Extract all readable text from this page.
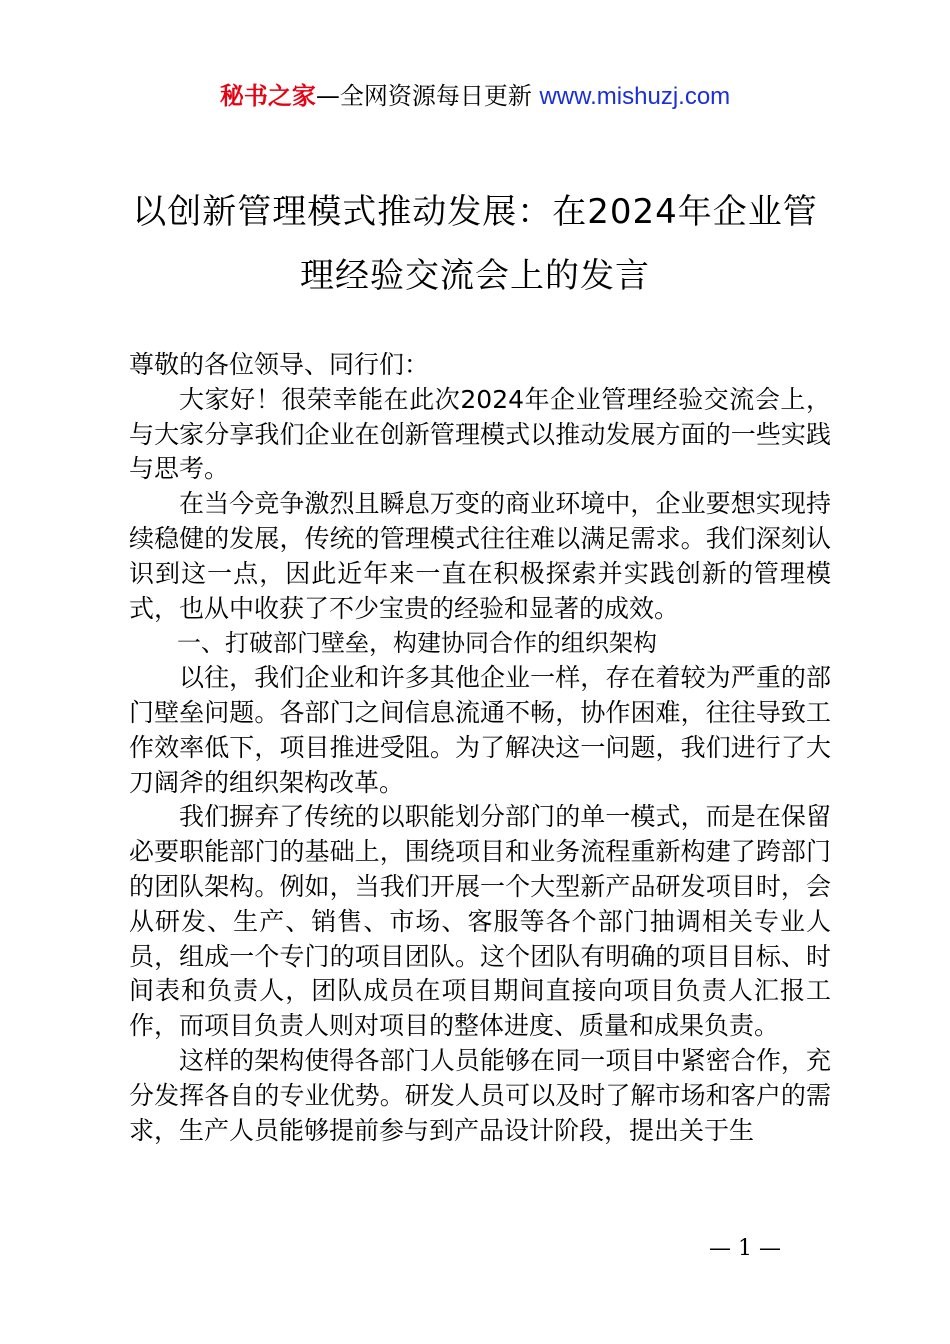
秘书之家—全网资源每日更新 www.mishuzj.com
以创新管理模式推动发展：在2024年企业管
理经验交流会上的发言

尊敬的各位领导、同行们：

大家好！很荣幸能在此次2024年企业管理经验交流会上，与大家分享我们企业在创新管理模式以推动发展方面的一些实践与思考。

在当今竞争激烈且瞬息万变的商业环境中，企业要想实现持续稳健的发展，传统的管理模式往往难以满足需求。我们深刻认识到这一点，因此近年来一直在积极探索并实践创新的管理模式，也从中收获了不少宝贵的经验和显著的成效。

一、打破部门壁垒，构建协同合作的组织架构

以往，我们企业和许多其他企业一样，存在着较为严重的部门壁垒问题。各部门之间信息流通不畅，协作困难，往往导致工作效率低下，项目推进受阻。为了解决这一问题，我们进行了大刀阔斧的组织架构改革。

我们摒弃了传统的以职能划分部门的单一模式，而是在保留必要职能部门的基础上，围绕项目和业务流程重新构建了跨部门的团队架构。例如，当我们开展一个大型新产品研发项目时，会从研发、生产、销售、市场、客服等各个部门抽调相关专业人员，组成一个专门的项目团队。这个团队有明确的项目目标、时间表和负责人，团队成员在项目期间直接向项目负责人汇报工作，而项目负责人则对项目的整体进度、质量和成果负责。

这样的架构使得各部门人员能够在同一项目中紧密合作，充分发挥各自的专业优势。研发人员可以及时了解市场和客户的需求，生产人员能够提前参与到产品设计阶段，提出关于生

— 1 —
